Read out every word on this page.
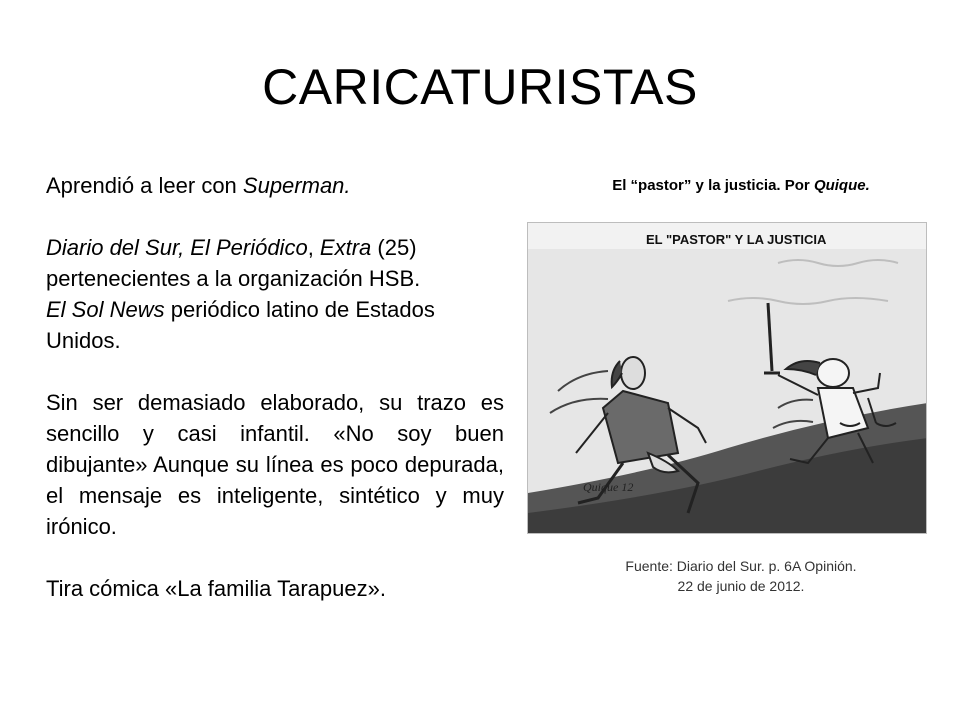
CARICATURISTAS

Aprendió a leer con Superman.

Diario del Sur, El Periódico, Extra (25) pertenecientes a la organización HSB.

El Sol News periódico latino de Estados Unidos.

Sin ser demasiado elaborado, su trazo es sencillo y casi infantil. «No soy buen dibujante» Aunque su línea es poco depurada, el mensaje es inteligente, sintético y muy irónico.

Tira cómica «La familia Tarapuez».

El “pastor” y la justicia. Por Quique.
EL "PASTOR" Y LA JUSTICIA
Quique 12
Fuente: Diario del Sur. p. 6A Opinión.
22 de junio de 2012.
